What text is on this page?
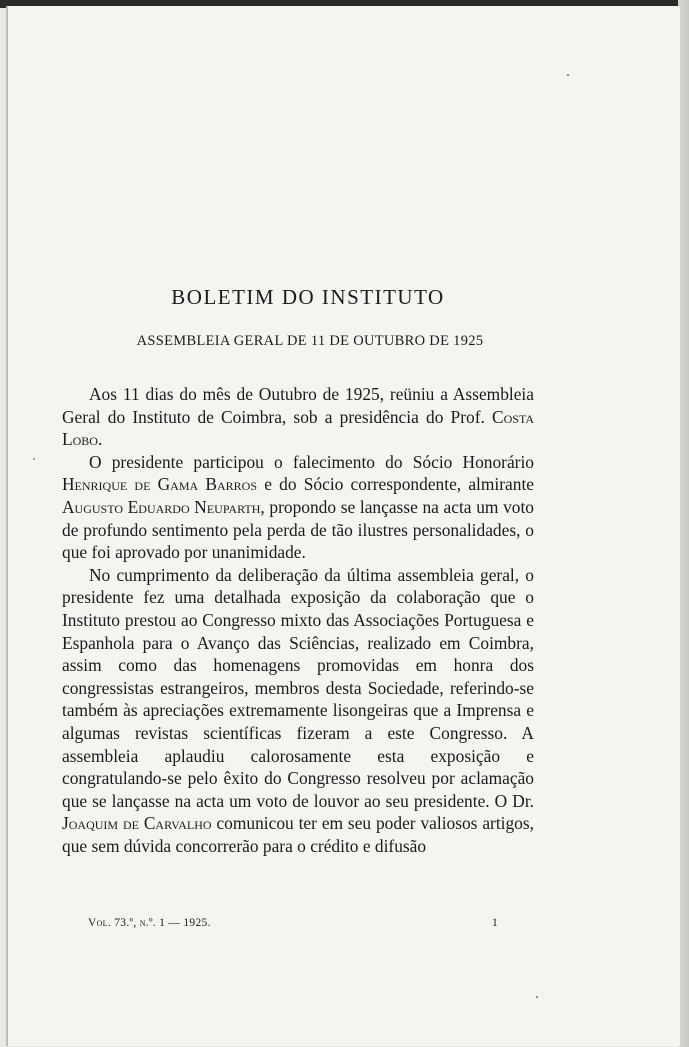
BOLETIM DO INSTITUTO
ASSEMBLEIA GERAL DE 11 DE OUTUBRO DE 1925

Aos 11 dias do mês de Outubro de 1925, reüniu a Assembleia Geral do Instituto de Coimbra, sob a presidência do Prof. Costa Lobo.

O presidente participou o falecimento do Sócio Honorário Henrique de Gama Barros e do Sócio correspondente, almirante Augusto Eduardo Neuparth, propondo se lançasse na acta um voto de profundo sentimento pela perda de tão ilustres personalidades, o que foi aprovado por unanimidade.

No cumprimento da deliberação da última assembleia geral, o presidente fez uma detalhada exposição da colaboração que o Instituto prestou ao Congresso mixto das Associações Portuguesa e Espanhola para o Avanço das Sciências, realizado em Coimbra, assim como das homenagens promovidas em honra dos congressistas estrangeiros, membros desta Sociedade, referindo-se também às apreciações extremamente lisongeiras que a Imprensa e algumas revistas scientíficas fizeram a este Congresso. A assembleia aplaudiu calorosamente esta exposição e congratulando-se pelo êxito do Congresso resolveu por aclamação que se lançasse na acta um voto de louvor ao seu presidente. O Dr. Joaquim de Carvalho comunicou ter em seu poder valiosos artigos, que sem dúvida concorrerão para o crédito e difusão

Vol. 73.º, n.º. 1 — 1925.	1
